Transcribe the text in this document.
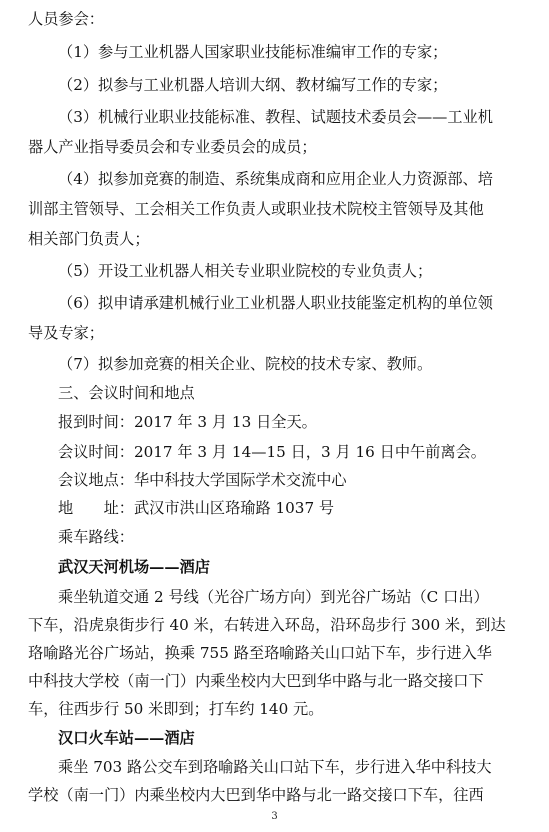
人员参会：
（1）参与工业机器人国家职业技能标准编审工作的专家；
（2）拟参与工业机器人培训大纲、教材编写工作的专家；
（3）机械行业职业技能标准、教程、试题技术委员会——工业机
器人产业指导委员会和专业委员会的成员；
（4）拟参加竞赛的制造、系统集成商和应用企业人力资源部、培
训部主管领导、工会相关工作负责人或职业技术院校主管领导及其他
相关部门负责人；
（5）开设工业机器人相关专业职业院校的专业负责人；
（6）拟申请承建机械行业工业机器人职业技能鉴定机构的单位领
导及专家；
（7）拟参加竞赛的相关企业、院校的技术专家、教师。
三、会议时间和地点
报到时间：2017 年 3 月 13 日全天。
会议时间：2017 年 3 月 14—15 日，3 月 16 日中午前离会。
会议地点：华中科技大学国际学术交流中心
地　　址：武汉市洪山区珞瑜路 1037 号
乘车路线：
武汉天河机场——酒店
乘坐轨道交通 2 号线（光谷广场方向）到光谷广场站（C 口出）
下车，沿虎泉街步行 40 米，右转进入环岛，沿环岛步行 300 米，到达
珞喻路光谷广场站，换乘 755 路至珞喻路关山口站下车，步行进入华
中科技大学校（南一门）内乘坐校内大巴到华中路与北一路交接口下
车，往西步行 50 米即到；打车约 140 元。
汉口火车站——酒店
乘坐 703 路公交车到珞喻路关山口站下车，步行进入华中科技大
学校（南一门）内乘坐校内大巴到华中路与北一路交接口下车，往西
3
